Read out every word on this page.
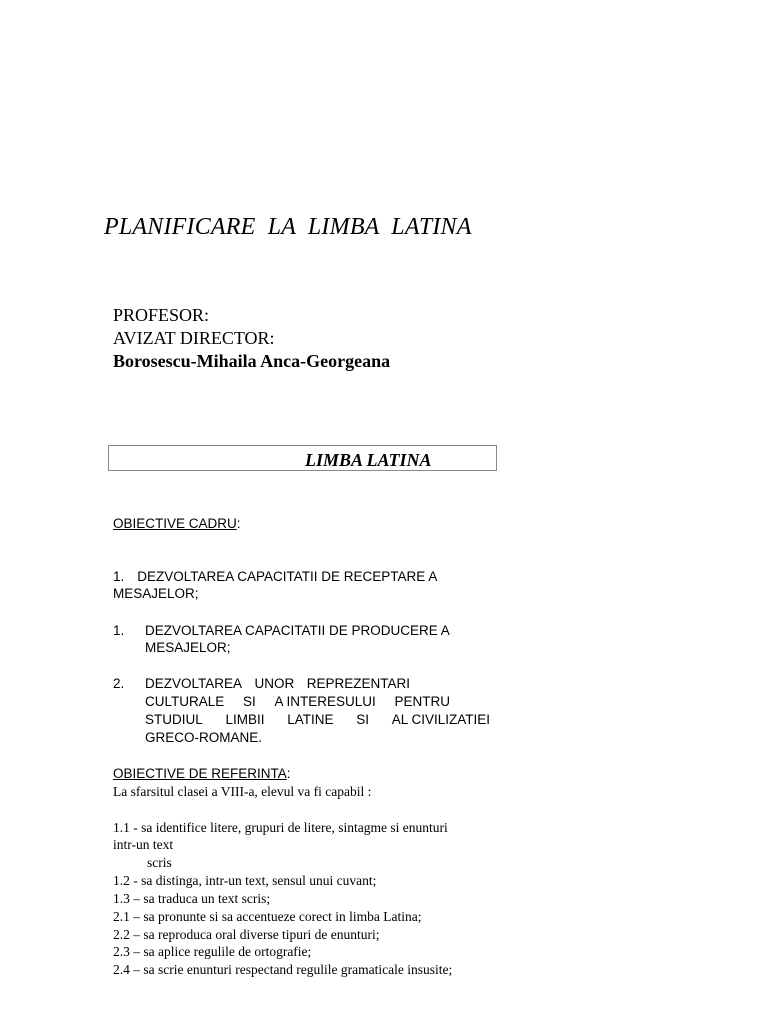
PLANIFICARE LA LIMBA LATINA
PROFESOR:
AVIZAT DIRECTOR:
Borosescu-Mihaila Anca-Georgeana
LIMBA LATINA
OBIECTIVE CADRU:
1. DEZVOLTAREA CAPACITATII DE RECEPTARE A
MESAJELOR;
1. DEZVOLTAREA CAPACITATII DE PRODUCERE A
MESAJELOR;
2. DEZVOLTAREA UNOR REPREZENTARI
CULTURALE SI A INTERESULUI PENTRU
STUDIUL LIMBII LATINE SI AL CIVILIZATIEI
GRECO-ROMANE.
OBIECTIVE DE REFERINTA:
La sfarsitul clasei a VIII-a, elevul va fi capabil :
1.1 - sa identifice litere, grupuri de litere, sintagme si enunturi
intr-un text
scris
1.2 - sa distinga, intr-un text, sensul unui cuvant;
1.3 – sa traduca un text scris;
2.1 – sa pronunte si sa accentueze corect in limba Latina;
2.2 – sa reproduca oral diverse tipuri de enunturi;
2.3 – sa aplice regulile de ortografie;
2.4 – sa scrie enunturi respectand regulile gramaticale insusite;
